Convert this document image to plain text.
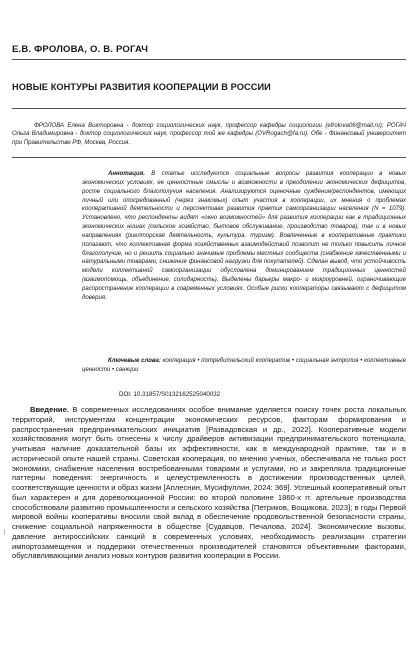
Е.В. ФРОЛОВА, О. В. РОГАЧ
НОВЫЕ КОНТУРЫ РАЗВИТИЯ КООПЕРАЦИИ В РОССИИ
ФРОЛОВА Елена Викторовна - доктор социологических наук, профессор кафедры социологии (efrolova06@mail.ru); РОГАЧ Ольга Владимировна - доктор социологических наук, профессор той же кафедры (OVRogach@fa.ru). Обе - Финансовый университет при Правительстве РФ, Москва, Россия.
Аннотация. В статье исследуются социальные вопросы развития кооперации в новых экономических условиях, ее ценностные смыслы и возможности в преодолении экономических дефицитов, росте социального благополучия населения. Анализируются оценочные суждения/респондентов, имеющих личный или опосредованный (через знакомых) опыт участия в кооперации, их мнения о проблемах кооперативной деятельности и перспективах развития практик самоорганизации населения (N = 1079). Установлено, что респонденты видят «окно возможностей» для развития кооперации как в традиционных экономических нишах (сельское хозяйство, бытовое обслуживание, производство товаров), так и в новых направлениях (риелторская деятельность, культура, туризм). Вовлеченные в кооперативные практики полагают, что коллективная форма хозяйственных взаимодействий позволит не только повысить личное благополучие, но и решить социально значимые проблемы местных сообществ (снабжение качественными и натуральными товарами, снижение финансовой нагрузки для покупателей). Сделан вывод, что устойчивость модели коллективной самоорганизации обусловлена доминированием традиционных ценностей (взаимопомощь, объединение, солидарность). Выделены барьеры макро- и микроуровней, ограничивающие распространение кооперации в современных условиях. Особые риски кооператоры связывают с дефицитом доверия.
Ключевые слова: кооперация • потребительский кооператив • социальная энтропия • коллективные ценности • санкции
DOI: 10.31857/S0132162525040032
Введение. В современных исследованиях особое внимание уделяется поиску точек роста локальных территорий, инструментам концентрации экономических ресурсов, факторам формирования и распространения предпринимательских инициатив [Развадовская и др., 2022]. Кооперативные модели хозяйствования могут быть отнесены к числу драйверов активизации предпринимательского потенциала, учитывая наличие доказательной базы их эффективности, как в международной практике, так и в исторической опыте нашей страны. Советская кооперация, по мнению ученых, обеспечивала не только рост экономики, снабжение населения востребованными товарами и услугами, но и закрепляла традиционные паттерны поведения: энергичность и целеустремленность в достижении производственных целей, соответствующие ценности и образ жизни [Аплеснин, Мусифуллин, 2024: 369]. Успешный кооперативный опыт был характерен и для дореволюционной России: во второй половине 1860-х гг. артельные производства способствовали развитию промышленности и сельского хозяйства [Петриков, Вощикова, 2023]; в годы Первой мировой войны кооперативы вносили свой вклад в обеспечение продовольственной безопасности страны, снижение социальной напряженности в обществе [Судавцов, Печалова, 2024]. Экономические вызовы, давление антироссийских санкций в современных условиях, необходимость реализации стратегии импортозамещения и поддержки отечественных производителей становятся объективными факторами, обуславливающими анализ новых контуров развития кооперации в России.
⁝
